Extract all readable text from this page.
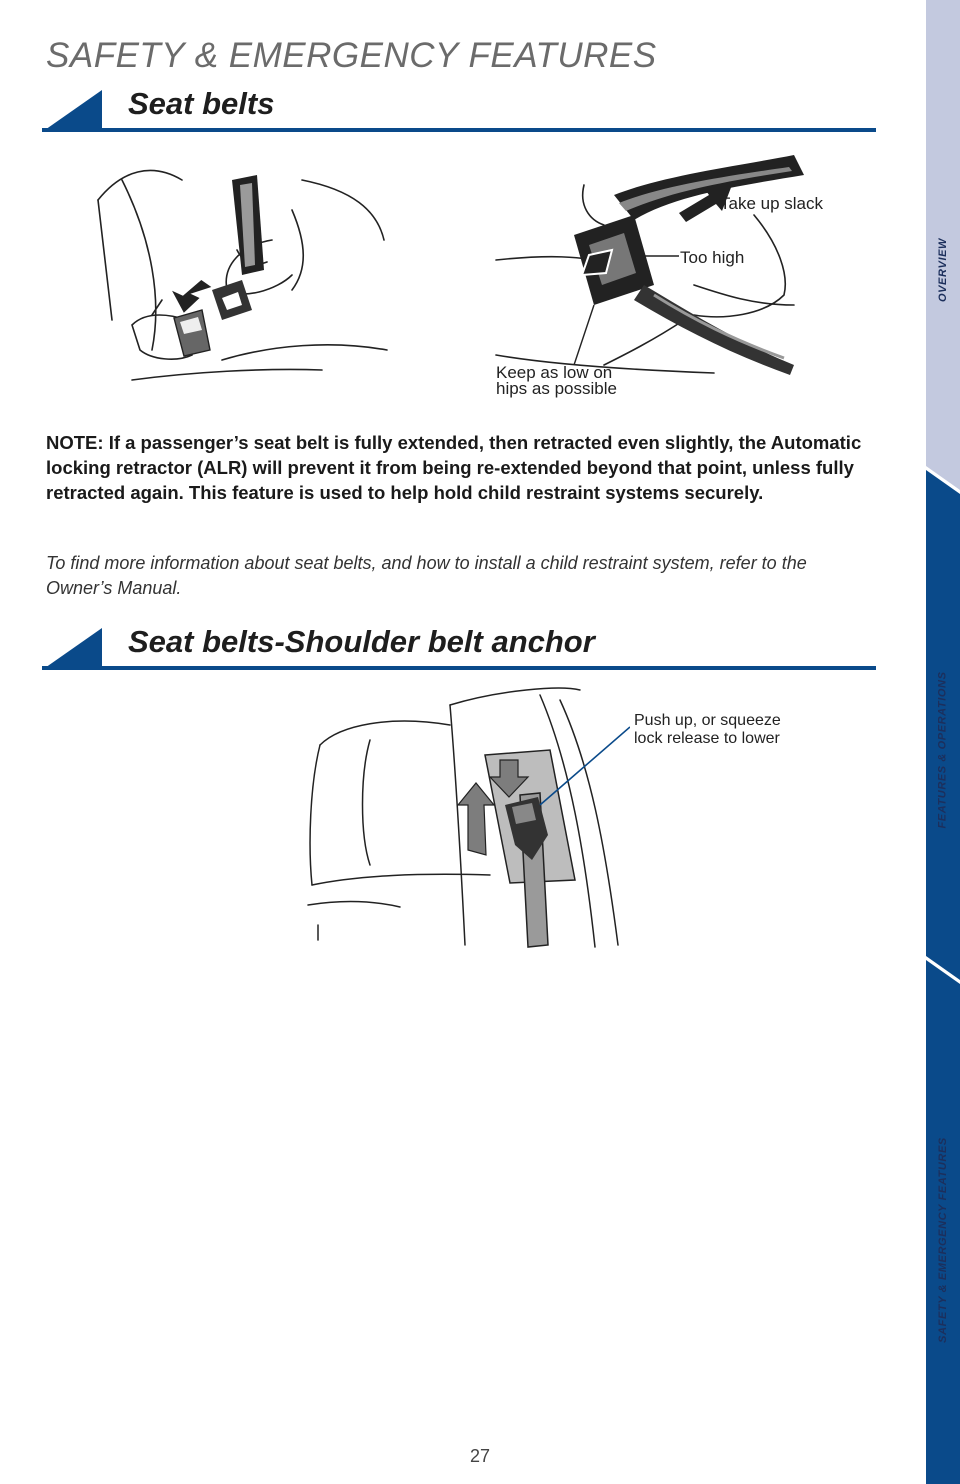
SAFETY & EMERGENCY FEATURES
Seat belts
Take up slack
Too high
Keep as low on
hips as possible
NOTE: If a passenger’s seat belt is fully extended, then retracted even slightly, the Automatic locking retractor (ALR) will prevent it from being re-extended beyond that point, unless fully retracted again. This feature is used to help hold child restraint systems securely.
To find more information about seat belts, and how to install a child restraint system, refer to the Owner’s Manual.
Seat belts-Shoulder belt anchor
Push up, or squeeze
lock release to lower
27
OVERVIEW
FEATURES & OPERATIONS
SAFETY & EMERGENCY FEATURES
